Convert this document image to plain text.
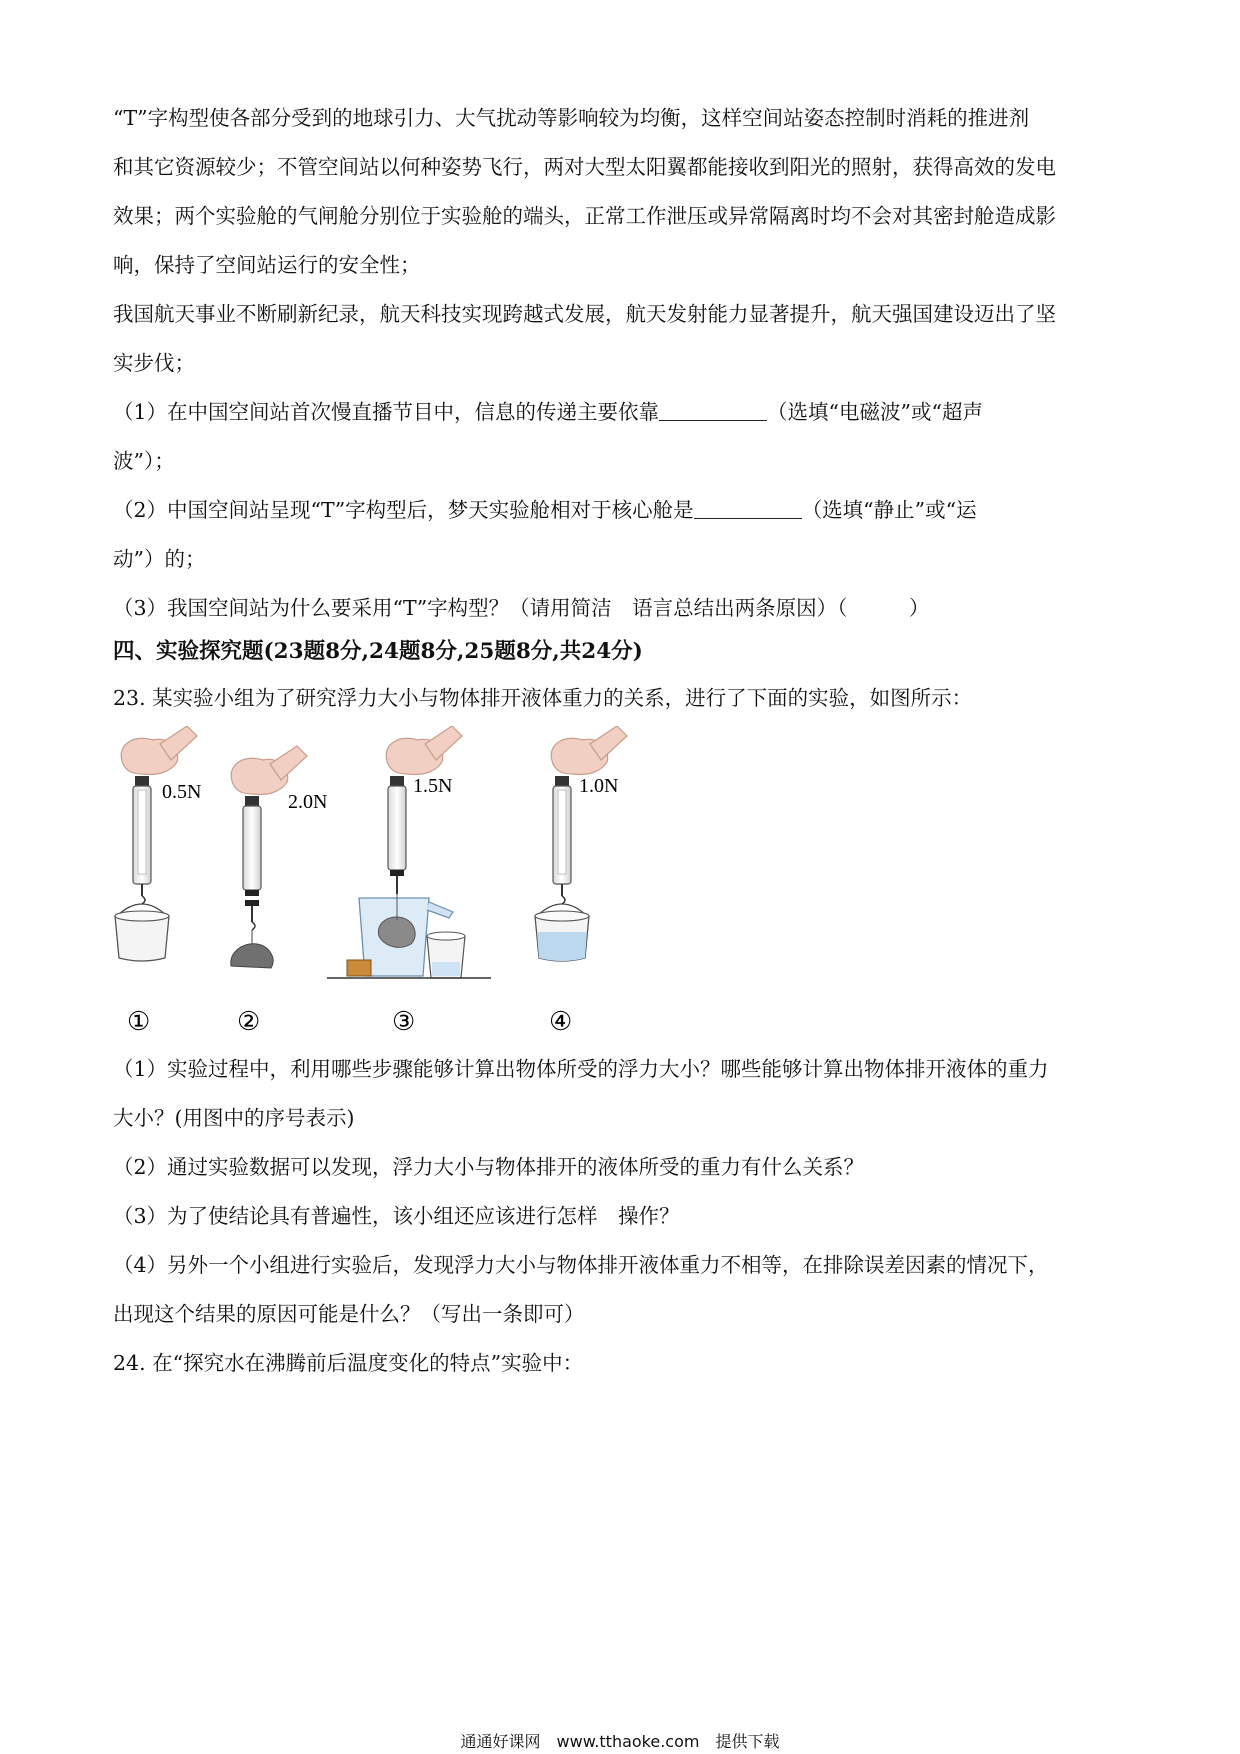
“T”字构型使各部分受到的地球引力、大气扰动等影响较为均衡，这样空间站姿态控制时消耗的推进剂
和其它资源较少；不管空间站以何种姿势飞行，两对大型太阳翼都能接收到阳光的照射，获得高效的发电
效果；两个实验舱的气闸舱分别位于实验舱的端头，正常工作泄压或异常隔离时均不会对其密封舱造成影
响，保持了空间站运行的安全性；
我国航天事业不断刷新纪录，航天科技实现跨越式发展，航天发射能力显著提升，航天强国建设迈出了坚
实步伐；
（1）在中国空间站首次慢直播节目中，信息的传递主要依靠	（选填“电磁波”或“超声
波”）；
（2）中国空间站呈现“T”字构型后，梦天实验舱相对于核心舱是	（选填“静止”或“运
动”）的；
（3）我国空间站为什么要采用“T”字构型？（请用简洁　语言总结出两条原因）（　　　）
四、实验探究题(23题8分,24题8分,25题8分,共24分)
23. 某实验小组为了研究浮力大小与物体排开液体重力的关系，进行了下面的实验，如图所示：
0.5N	2.0N
1.5N	1.0N
①	②	③	④
（1）实验过程中，利用哪些步骤能够计算出物体所受的浮力大小？哪些能够计算出物体排开液体的重力
大小？(用图中的序号表示)
（2）通过实验数据可以发现，浮力大小与物体排开的液体所受的重力有什么关系？
（3）为了使结论具有普遍性，该小组还应该进行怎样　操作？
（4）另外一个小组进行实验后，发现浮力大小与物体排开液体重力不相等，在排除误差因素的情况下，
出现这个结果的原因可能是什么？（写出一条即可）
24. 在“探究水在沸腾前后温度变化的特点”实验中：
通通好课网　www.tthaoke.com　提供下载
